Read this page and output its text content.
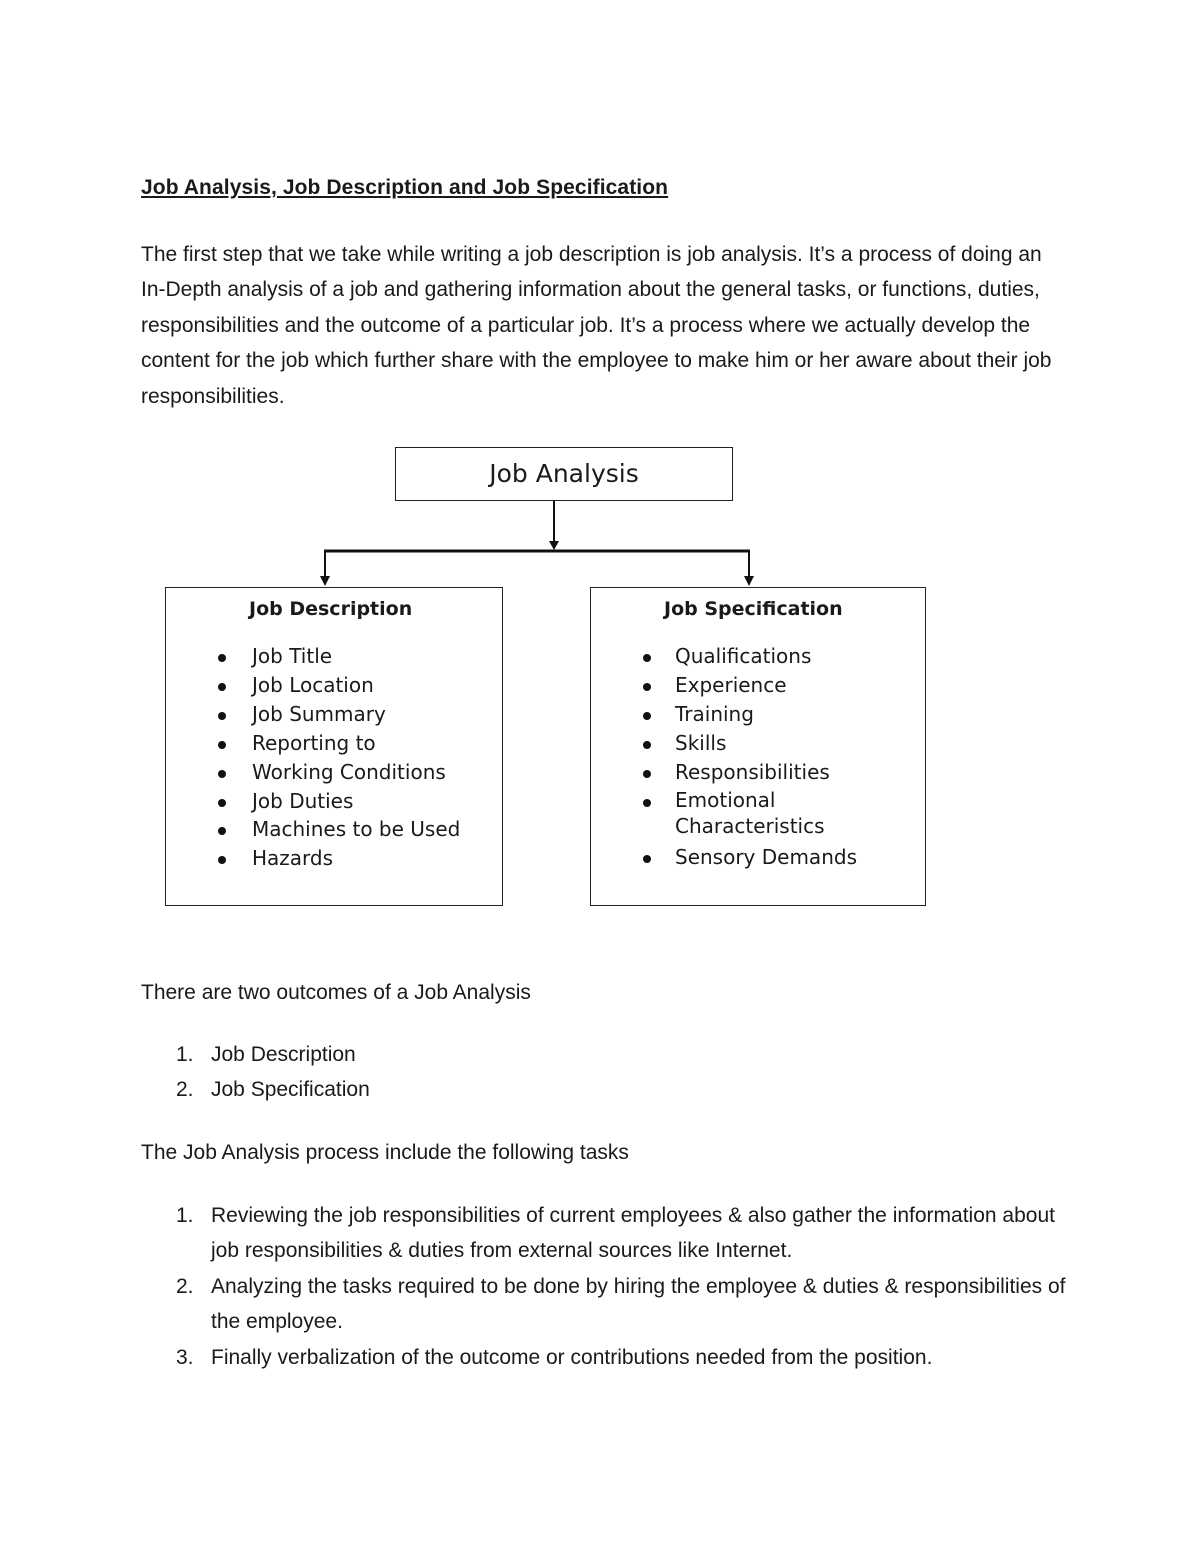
Job Analysis, Job Description and Job Specification

The first step that we take while writing a job description is job analysis. It’s a process of doing an In-Depth analysis of a job and gathering information about the general tasks, or functions, duties, responsibilities and the outcome of a particular job. It’s a process where we actually develop the content for the job which further share with the employee to make him or her aware about their job responsibilities.

Job Analysis
Job Description
Job Title
Job Location
Job Summary
Reporting to
Working Conditions
Job Duties
Machines to be Used
Hazards
Job Specification
Qualifications
Experience
Training
Skills
Responsibilities
Emotional Characteristics
Sensory Demands

There are two outcomes of a Job Analysis

1. Job Description
2. Job Specification

The Job Analysis process include the following tasks

1. Reviewing the job responsibilities of current employees & also gather the information about job responsibilities & duties from external sources like Internet.
2. Analyzing the tasks required to be done by hiring the employee & duties & responsibilities of the employee.
3. Finally verbalization of the outcome or contributions needed from the position.
